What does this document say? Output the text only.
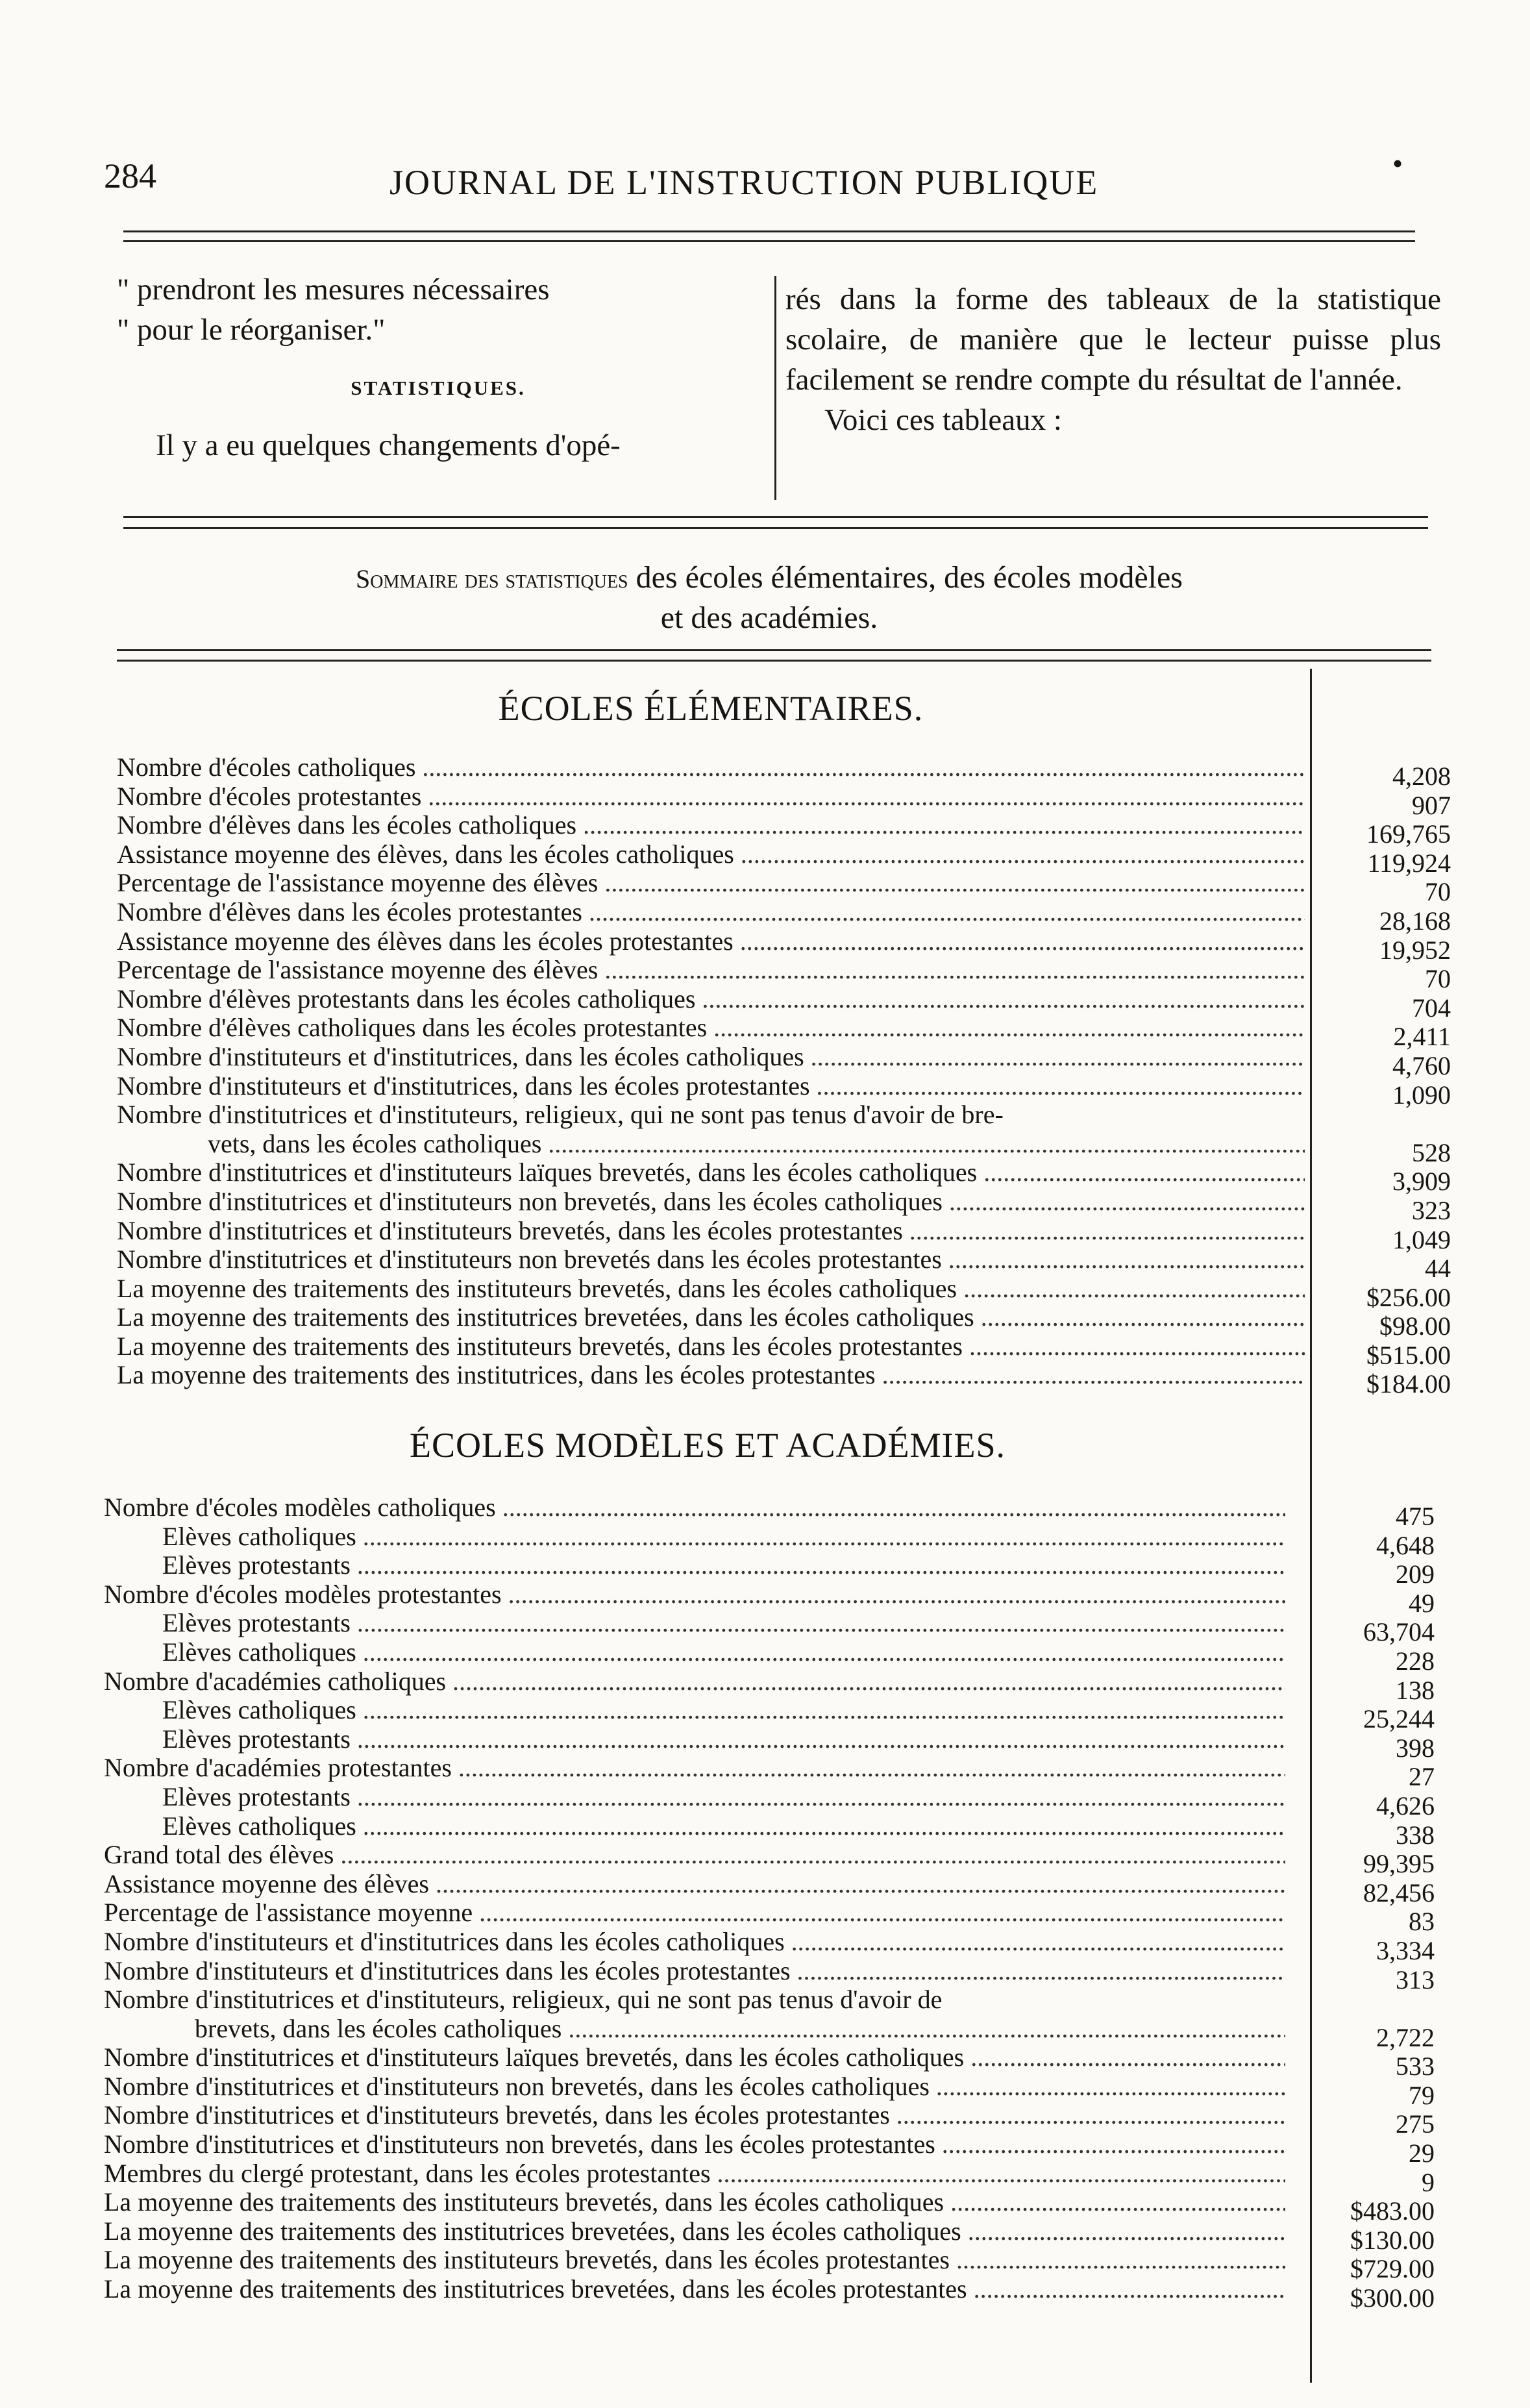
284	JOURNAL DE L'INSTRUCTION PUBLIQUE	•

" prendront les mesures nécessaires

" pour le réorganiser."

STATISTIQUES.

Il y a eu quelques changements d'opé-

rés dans la forme des tableaux de la statistique scolaire, de manière que le lecteur puisse plus facilement se rendre compte du résultat de l'année.

Voici ces tableaux :

Sommaire des statistiques des écoles élémentaires, des écoles modèles
et des académies.
ÉCOLES ÉLÉMENTAIRES.
Nombre d'écoles catholiques .....	4,208
Nombre d'écoles protestantes .....	907
Nombre d'élèves dans les écoles catholiques .....	169,765
Assistance moyenne des élèves, dans les écoles catholiques .....	119,924
Percentage de l'assistance moyenne des élèves .....	70
Nombre d'élèves dans les écoles protestantes .....	28,168
Assistance moyenne des élèves dans les écoles protestantes .....	19,952
Percentage de l'assistance moyenne des élèves .....	70
Nombre d'élèves protestants dans les écoles catholiques .....	704
Nombre d'élèves catholiques dans les écoles protestantes .....	2,411
Nombre d'instituteurs et d'institutrices, dans les écoles catholiques .....	4,760
Nombre d'instituteurs et d'institutrices, dans les écoles protestantes .....	1,090
Nombre d'institutrices et d'instituteurs, religieux, qui ne sont pas tenus d'avoir de bre-
vets, dans les écoles catholiques .....	528
Nombre d'institutrices et d'instituteurs laïques brevetés, dans les écoles catholiques .....	3,909
Nombre d'institutrices et d'instituteurs non brevetés, dans les écoles catholiques .....	323
Nombre d'institutrices et d'instituteurs brevetés, dans les écoles protestantes .....	1,049
Nombre d'institutrices et d'instituteurs non brevetés dans les écoles protestantes .....	44
La moyenne des traitements des instituteurs brevetés, dans les écoles catholiques .....	$256.00
La moyenne des traitements des institutrices brevetées, dans les écoles catholiques .....	$98.00
La moyenne des traitements des instituteurs brevetés, dans les écoles protestantes .....	$515.00
La moyenne des traitements des institutrices, dans les écoles protestantes .....	$184.00
ÉCOLES MODÈLES ET ACADÉMIES.
Nombre d'écoles modèles catholiques .....	475
Elèves catholiques .....	4,648
Elèves protestants .....	209
Nombre d'écoles modèles protestantes .....	49
Elèves protestants .....	63,704
Elèves catholiques .....	228
Nombre d'académies catholiques .....	138
Elèves catholiques .....	25,244
Elèves protestants .....	398
Nombre d'académies protestantes .....	27
Elèves protestants .....	4,626
Elèves catholiques .....	338
Grand total des élèves .....	99,395
Assistance moyenne des élèves .....	82,456
Percentage de l'assistance moyenne .....	83
Nombre d'instituteurs et d'institutrices dans les écoles catholiques .....	3,334
Nombre d'instituteurs et d'institutrices dans les écoles protestantes .....	313
Nombre d'institutrices et d'instituteurs, religieux, qui ne sont pas tenus d'avoir de
brevets, dans les écoles catholiques .....	2,722
Nombre d'institutrices et d'instituteurs laïques brevetés, dans les écoles catholiques .....	533
Nombre d'institutrices et d'instituteurs non brevetés, dans les écoles catholiques .....	79
Nombre d'institutrices et d'instituteurs brevetés, dans les écoles protestantes .....	275
Nombre d'institutrices et d'instituteurs non brevetés, dans les écoles protestantes .....	29
Membres du clergé protestant, dans les écoles protestantes .....	9
La moyenne des traitements des instituteurs brevetés, dans les écoles catholiques .....	$483.00
La moyenne des traitements des institutrices brevetées, dans les écoles catholiques .....	$130.00
La moyenne des traitements des instituteurs brevetés, dans les écoles protestantes .....	$729.00
La moyenne des traitements des institutrices brevetées, dans les écoles protestantes .....	$300.00
